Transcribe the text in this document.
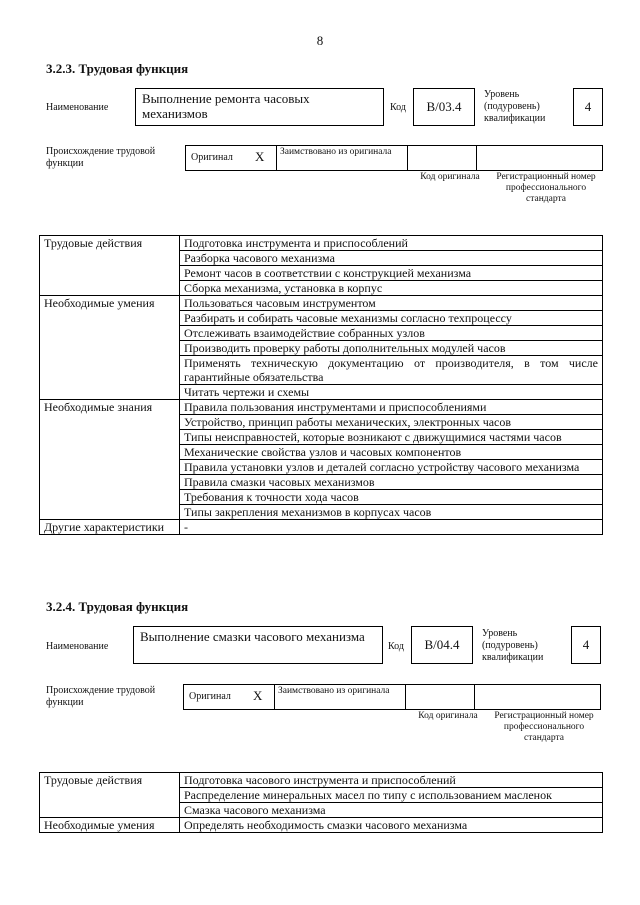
8
3.2.3. Трудовая функция
Наименование
Выполнение ремонта часовых механизмов	Код	В/03.4
Уровень (подуровень) квалификации
4
Происхождение трудовой функции
Оригинал X	Заимствовано из оригинала

Код оригинала	Регистрационный номер профессионального стандарта
Трудовые действия	Подготовка инструмента и приспособлений
	Разборка часового механизма
	Ремонт часов в соответствии с конструкцией механизма
	Сборка механизма, установка в корпус
Необходимые умения	Пользоваться часовым инструментом
	Разбирать и собирать часовые механизмы согласно техпроцессу
	Отслеживать взаимодействие собранных узлов
	Производить проверку работы дополнительных модулей часов
	Применять техническую документацию от производителя, в том числе гарантийные обязательства
	Читать чертежи и схемы
Необходимые знания	Правила пользования инструментами и приспособлениями
	Устройство, принцип работы механических, электронных часов
	Типы неисправностей, которые возникают с движущимися частями часов
	Механические свойства узлов и часовых компонентов
	Правила установки узлов и деталей согласно устройству часового механизма
	Правила смазки часовых механизмов
	Требования к точности хода часов
	Типы закрепления механизмов в корпусах часов
Другие характеристики	-
3.2.4. Трудовая функция
Наименование
Выполнение смазки часового механизма
Код	В/04.4
Уровень (подуровень) квалификации
4
Происхождение трудовой функции
Оригинал X	Заимствовано из оригинала

Код оригинала	Регистрационный номер профессионального стандарта
Трудовые действия	Подготовка часового инструмента и приспособлений
	Распределение минеральных масел по типу с использованием масленок
	Смазка часового механизма
Необходимые умения	Определять необходимость смазки часового механизма
